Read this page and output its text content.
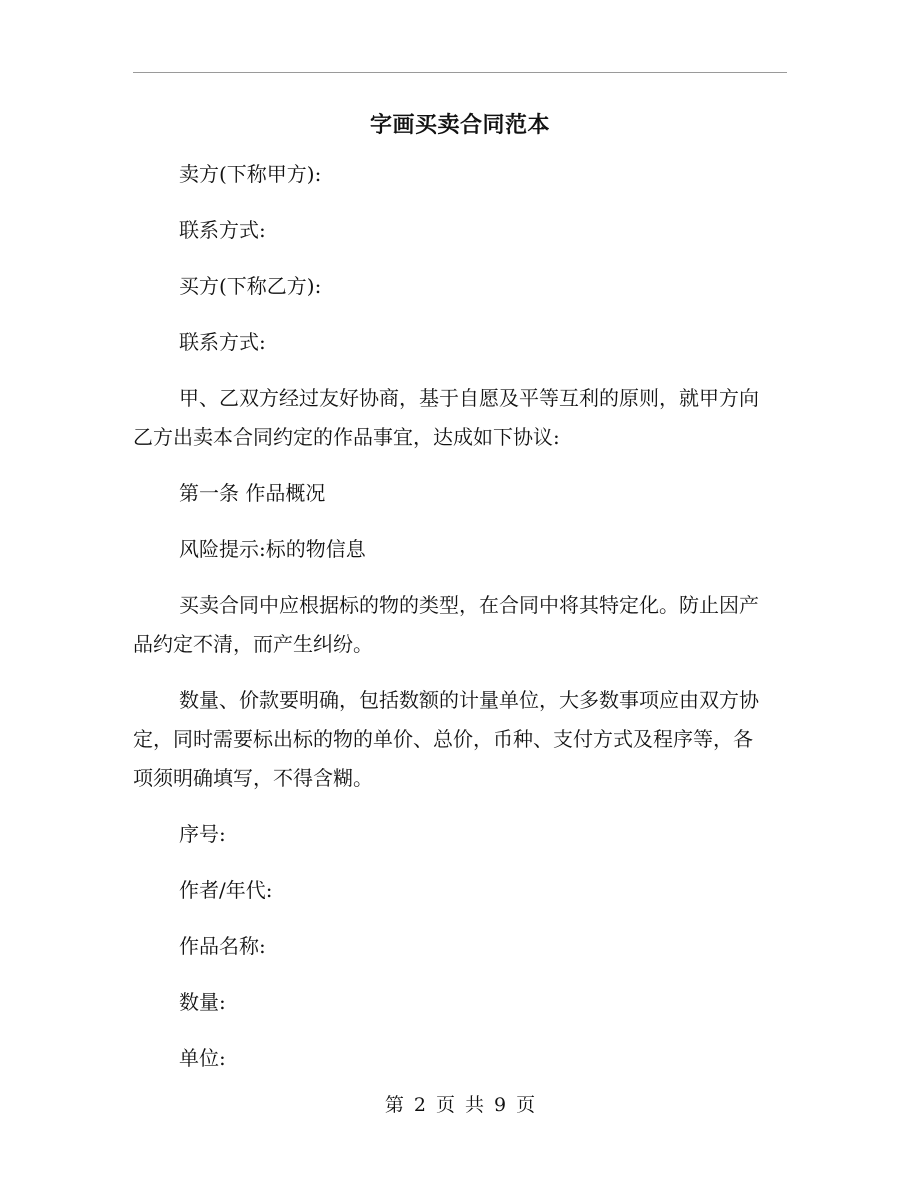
字画买卖合同范本
卖方(下称甲方):
联系方式:
买方(下称乙方):
联系方式:
甲、乙双方经过友好协商，基于自愿及平等互利的原则，就甲方向
乙方出卖本合同约定的作品事宜，达成如下协议:
第一条 作品概况
风险提示:标的物信息
买卖合同中应根据标的物的类型，在合同中将其特定化。防止因产
品约定不清，而产生纠纷。
数量、价款要明确，包括数额的计量单位，大多数事项应由双方协
定，同时需要标出标的物的单价、总价，币种、支付方式及程序等，各
项须明确填写，不得含糊。
序号:
作者/年代:
作品名称:
数量:
单位:
第 2 页 共 9 页
